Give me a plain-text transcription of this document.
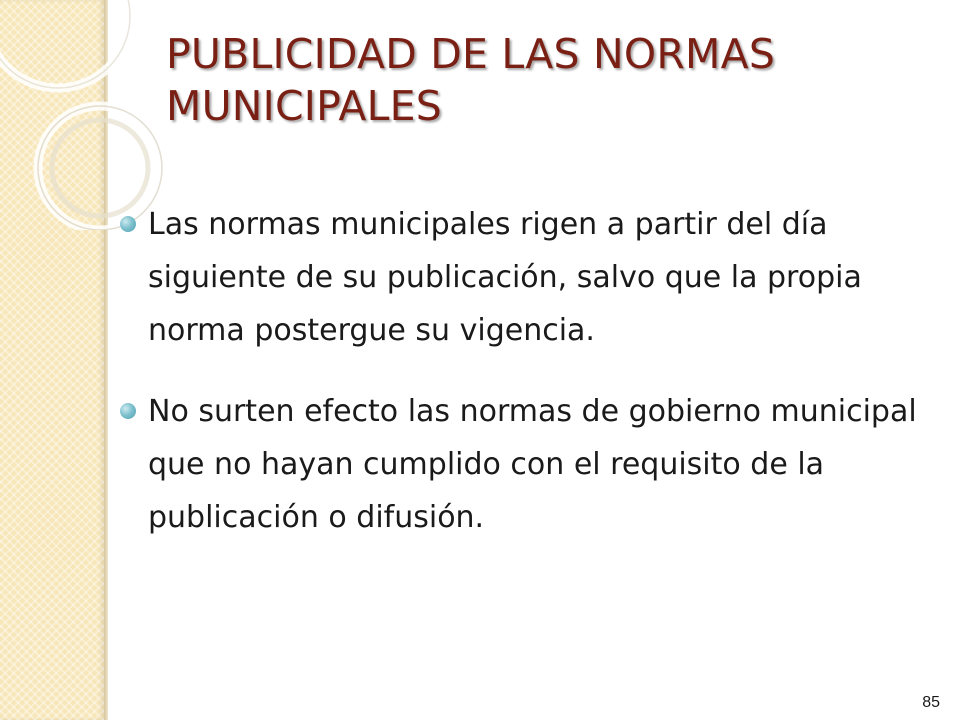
PUBLICIDAD DE LAS NORMAS MUNICIPALES
Las normas municipales rigen a partir del día siguiente de su publicación, salvo que la propia norma postergue su vigencia.
No surten efecto las normas de gobierno municipal que no hayan cumplido con el requisito de la publicación o difusión.
85
